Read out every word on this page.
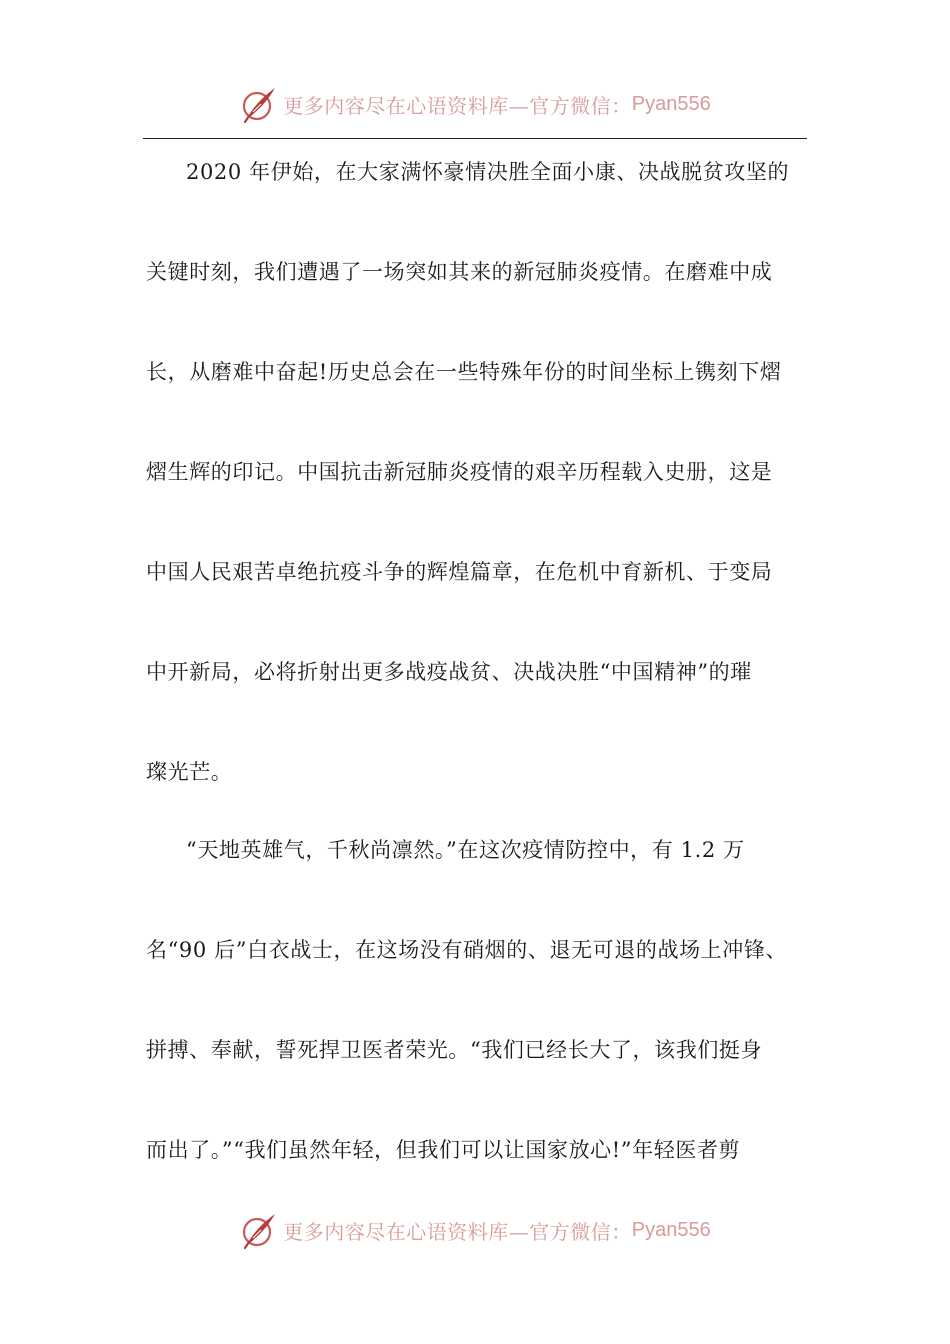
更多内容尽在心语资料库—官方微信： Pyan556
2020 年伊始，在大家满怀豪情决胜全面小康、决战脱贫攻坚的
关键时刻，我们遭遇了一场突如其来的新冠肺炎疫情。在磨难中成
长，从磨难中奋起!历史总会在一些特殊年份的时间坐标上镌刻下熠
熠生辉的印记。中国抗击新冠肺炎疫情的艰辛历程载入史册，这是
中国人民艰苦卓绝抗疫斗争的辉煌篇章，在危机中育新机、于变局
中开新局，必将折射出更多战疫战贫、决战决胜“中国精神”的璀
璨光芒。
“天地英雄气，千秋尚凛然。”在这次疫情防控中，有 1.2 万
名“90 后”白衣战士，在这场没有硝烟的、退无可退的战场上冲锋、
拼搏、奉献，誓死捍卫医者荣光。“我们已经长大了，该我们挺身
而出了。”“我们虽然年轻，但我们可以让国家放心!”年轻医者剪
更多内容尽在心语资料库—官方微信： Pyan556
